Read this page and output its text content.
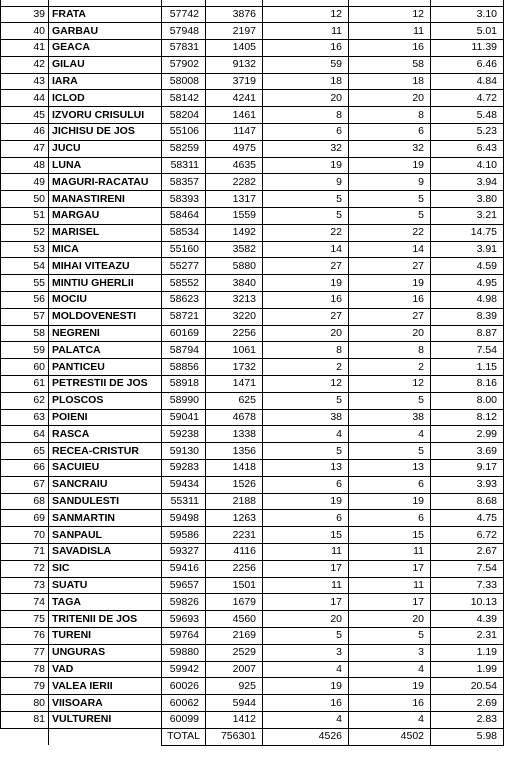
39	FRATA	57742	3876	12	12	3.10
40	GARBAU	57948	2197	11	11	5.01
41	GEACA	57831	1405	16	16	11.39
42	GILAU	57902	9132	59	58	6.46
43	IARA	58008	3719	18	18	4.84
44	ICLOD	58142	4241	20	20	4.72
45	IZVORU CRISULUI	58204	1461	8	8	5.48
46	JICHISU DE JOS	55106	1147	6	6	5.23
47	JUCU	58259	4975	32	32	6.43
48	LUNA	58311	4635	19	19	4.10
49	MAGURI-RACATAU	58357	2282	9	9	3.94
50	MANASTIRENI	58393	1317	5	5	3.80
51	MARGAU	58464	1559	5	5	3.21
52	MARISEL	58534	1492	22	22	14.75
53	MICA	55160	3582	14	14	3.91
54	MIHAI VITEAZU	55277	5880	27	27	4.59
55	MINTIU GHERLII	58552	3840	19	19	4.95
56	MOCIU	58623	3213	16	16	4.98
57	MOLDOVENESTI	58721	3220	27	27	8.39
58	NEGRENI	60169	2256	20	20	8.87
59	PALATCA	58794	1061	8	8	7.54
60	PANTICEU	58856	1732	2	2	1.15
61	PETRESTII DE JOS	58918	1471	12	12	8.16
62	PLOSCOS	58990	625	5	5	8.00
63	POIENI	59041	4678	38	38	8.12
64	RASCA	59238	1338	4	4	2.99
65	RECEA-CRISTUR	59130	1356	5	5	3.69
66	SACUIEU	59283	1418	13	13	9.17
67	SANCRAIU	59434	1526	6	6	3.93
68	SANDULESTI	55311	2188	19	19	8.68
69	SANMARTIN	59498	1263	6	6	4.75
70	SANPAUL	59586	2231	15	15	6.72
71	SAVADISLA	59327	4116	11	11	2.67
72	SIC	59416	2256	17	17	7.54
73	SUATU	59657	1501	11	11	7.33
74	TAGA	59826	1679	17	17	10.13
75	TRITENII DE JOS	59693	4560	20	20	4.39
76	TURENI	59764	2169	5	5	2.31
77	UNGURAS	59880	2529	3	3	1.19
78	VAD	59942	2007	4	4	1.99
79	VALEA IERII	60026	925	19	19	20.54
80	VIISOARA	60062	5944	16	16	2.69
81	VULTURENI	60099	1412	4	4	2.83
		TOTAL	756301	4526	4502	5.98
